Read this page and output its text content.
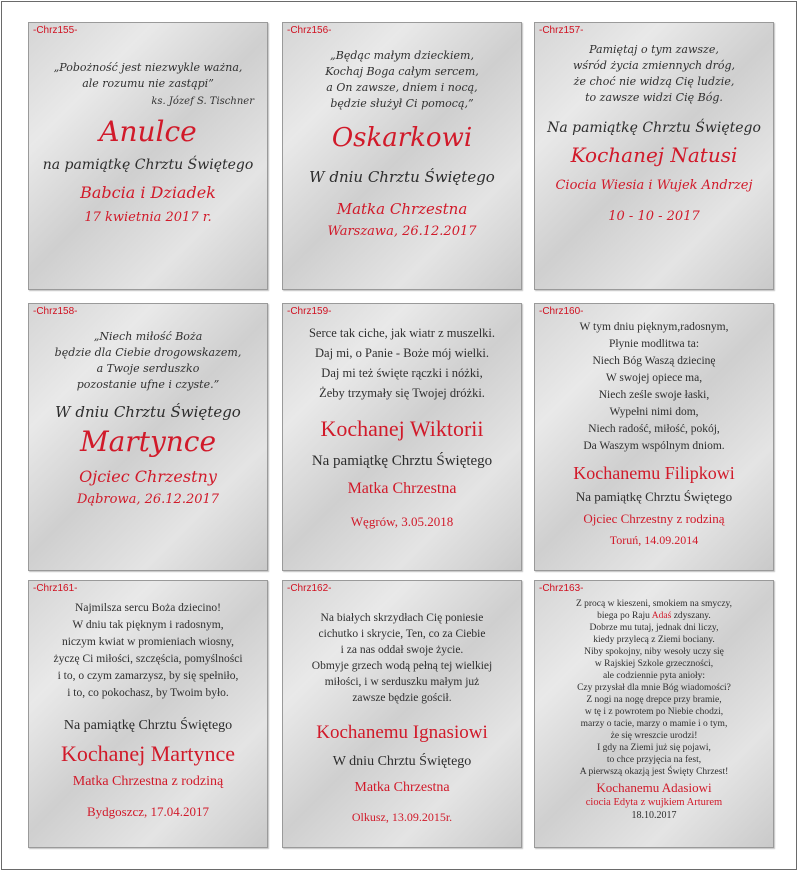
-Chrz155-
„Pobożność jest niezwykle ważna,
ale rozumu nie zastąpi”
ks. Józef S. Tischner
Anulce
na pamiątkę Chrztu Świętego
Babcia i Dziadek
17 kwietnia 2017 r.
-Chrz156-
„Będąc małym dzieckiem,
Kochaj Boga całym sercem,
a On zawsze, dniem i nocą,
będzie służył Ci pomocą,”
Oskarkowi
W dniu Chrztu Świętego
Matka Chrzestna
Warszawa, 26.12.2017
-Chrz157-
Pamiętaj o tym zawsze,
wśród życia zmiennych dróg,
że choć nie widzą Cię ludzie,
to zawsze widzi Cię Bóg.
Na pamiątkę Chrztu Świętego
Kochanej Natusi
Ciocia Wiesia i Wujek Andrzej
10 - 10 - 2017
-Chrz158-
„Niech miłość Boża
będzie dla Ciebie drogowskazem,
a Twoje serduszko
pozostanie ufne i czyste.”
W dniu Chrztu Świętego
Martynce
Ojciec Chrzestny
Dąbrowa, 26.12.2017
-Chrz159-
Serce tak ciche, jak wiatr z muszelki.
Daj mi, o Panie - Boże mój wielki.
Daj mi też święte rączki i nóżki,
Żeby trzymały się Twojej dróżki.
Kochanej Wiktorii
Na pamiątkę Chrztu Świętego
Matka Chrzestna
Węgrów, 3.05.2018
-Chrz160-
W tym dniu pięknym,radosnym,
Płynie modlitwa ta:
Niech Bóg Waszą dziecinę
W swojej opiece ma,
Niech ześle swoje łaski,
Wypełni nimi dom,
Niech radość, miłość, pokój,
Da Waszym wspólnym dniom.
Kochanemu Filipkowi
Na pamiątkę Chrztu Świętego
Ojciec Chrzestny z rodziną
Toruń, 14.09.2014
-Chrz161-
Najmilsza sercu Boża dziecino!
W dniu tak pięknym i radosnym,
niczym kwiat w promieniach wiosny,
życzę Ci miłości, szczęścia, pomyślności
i to, o czym zamarzysz, by się spełniło,
i to, co pokochasz, by Twoim było.
Na pamiątkę Chrztu Świętego
Kochanej Martynce
Matka Chrzestna z rodziną
Bydgoszcz, 17.04.2017
-Chrz162-
Na białych skrzydłach Cię poniesie
cichutko i skrycie, Ten, co za Ciebie
i za nas oddał swoje życie.
Obmyje grzech wodą pełną tej wielkiej
miłości, i w serduszku małym już
zawsze będzie gościł.
Kochanemu Ignasiowi
W dniu Chrztu Świętego
Matka Chrzestna
Olkusz, 13.09.2015r.
-Chrz163-
Z procą w kieszeni, smokiem na smyczy,
biega po Raju Adaś zdyszany.
Dobrze mu tutaj, jednak dni liczy,
kiedy przylecą z Ziemi bociany.
Niby spokojny, niby wesoły uczy się
w Rajskiej Szkole grzeczności,
ale codziennie pyta anioły:
Czy przysłał dla mnie Bóg wiadomości?
Z nogi na nogę drepce przy bramie,
w tę i z powrotem po Niebie chodzi,
marzy o tacie, marzy o mamie i o tym,
że się wreszcie urodzi!
I gdy na Ziemi już się pojawi,
to chce przyjęcia na fest,
A pierwszą okazją jest Święty Chrzest!
Kochanemu Adasiowi
ciocia Edyta z wujkiem Arturem
18.10.2017
